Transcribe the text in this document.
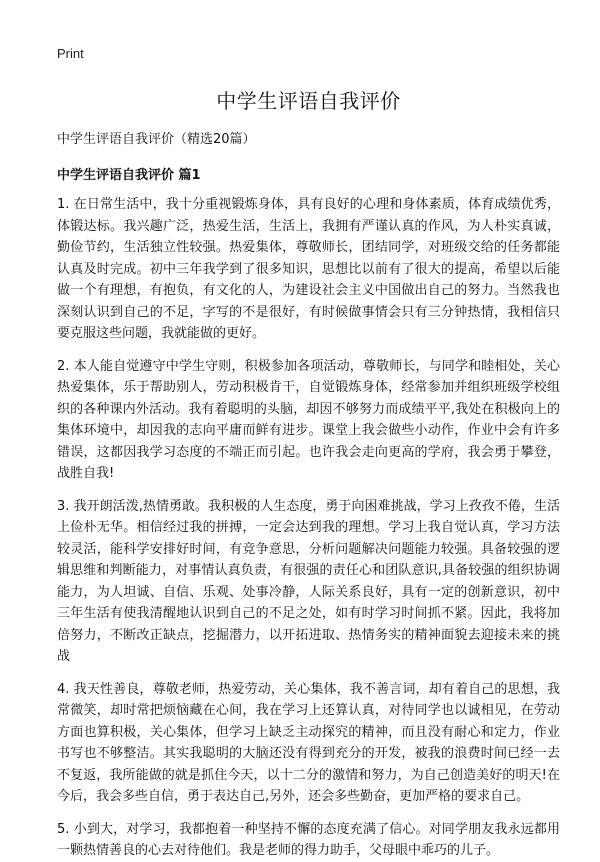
Print
中学生评语自我评价

中学生评语自我评价（精选20篇）

中学生评语自我评价 篇1

1. 在日常生活中，我十分重视锻炼身体，具有良好的心理和身体素质，体育成绩优秀，体锻达标。我兴趣广泛，热爱生活，生活上，我拥有严谨认真的作风，为人朴实真诚，勤俭节约，生活独立性较强。热爱集体，尊敬师长，团结同学，对班级交给的任务都能认真及时完成。初中三年我学到了很多知识，思想比以前有了很大的提高，希望以后能做一个有理想，有抱负，有文化的人，为建设社会主义中国做出自己的努力。当然我也深刻认识到自己的不足，字写的不是很好，有时候做事情会只有三分钟热情，我相信只要克服这些问题，我就能做的更好。

2. 本人能自觉遵守中学生守则，积极参加各项活动，尊敬师长，与同学和睦相处，关心热爱集体，乐于帮助别人，劳动积极肯干，自觉锻炼身体，经常参加并组织班级学校组织的各种课内外活动。我有着聪明的头脑，却因不够努力而成绩平平,我处在积极向上的集体环境中，却因我的志向平庸而鲜有进步。课堂上我会做些小动作，作业中会有许多错误，这都因我学习态度的不端正而引起。也许我会走向更高的学府，我会勇于攀登，战胜自我!

3. 我开朗活泼,热情勇敢。我积极的人生态度，勇于向困难挑战，学习上孜孜不倦，生活上俭朴无华。相信经过我的拼搏，一定会达到我的理想。学习上我自觉认真，学习方法较灵活，能科学安排好时间，有竞争意思，分析问题解决问题能力较强。具备较强的逻辑思维和判断能力，对事情认真负责，有很强的责任心和团队意识,具备较强的组织协调能力，为人坦诚、自信、乐观、处事冷静，人际关系良好，具有一定的创新意识，初中三年生活有使我清醒地认识到自己的不足之处，如有时学习时间抓不紧。因此，我将加倍努力，不断改正缺点，挖掘潜力，以开拓进取、热情务实的精神面貌去迎接未来的挑战

4. 我天性善良，尊敬老师，热爱劳动，关心集体，我不善言词，却有着自己的思想，我常微笑，却时常把烦恼藏在心间，我在学习上还算认真，对待同学也以诚相见，在劳动方面也算积极，关心集体，但学习上缺乏主动探究的精神，而且没有耐心和定力，作业书写也不够整洁。其实我聪明的大脑还没有得到充分的开发，被我的浪费时间已经一去不复返，我所能做的就是抓住今天，以十二分的激情和努力，为自己创造美好的明天!在今后，我会多些自信，勇于表达自己,另外，还会多些勤奋，更加严格的要求自己。

5. 小到大，对学习，我都抱着一种坚持不懈的态度充满了信心。对同学朋友我永远都用一颗热情善良的心去对待他们。我是老师的得力助手，父母眼中乖巧的儿子。
